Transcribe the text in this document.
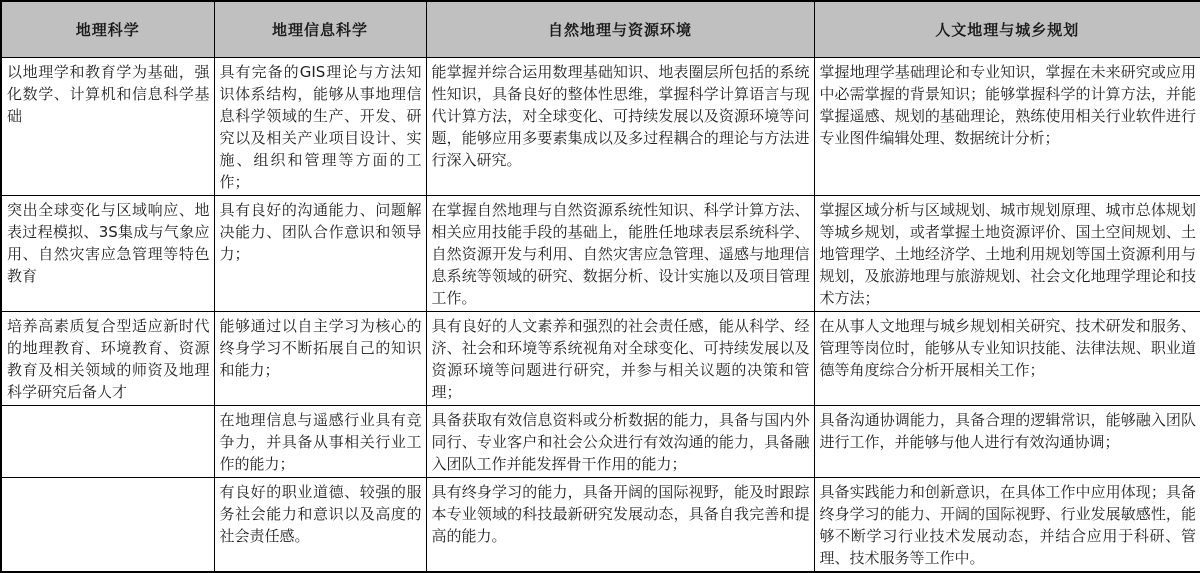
地理科学	地理信息科学	自然地理与资源环境	人文地理与城乡规划
以地理学和教育学为基础，强化数学、计算机和信息科学基础	具有完备的GIS理论与方法知识体系结构，能够从事地理信息科学领域的生产、开发、研究以及相关产业项目设计、实施、组织和管理等方面的工作；	能掌握并综合运用数理基础知识、地表圈层所包括的系统性知识，具备良好的整体性思维，掌握科学计算语言与现代计算方法，对全球变化、可持续发展以及资源环境等问题，能够应用多要素集成以及多过程耦合的理论与方法进行深入研究。	掌握地理学基础理论和专业知识，掌握在未来研究或应用中必需掌握的背景知识；能够掌握科学的计算方法，并能掌握遥感、规划的基础理论，熟练使用相关行业软件进行专业图件编辑处理、数据统计分析；
突出全球变化与区域响应、地表过程模拟、3S集成与气象应用、自然灾害应急管理等特色教育	具有良好的沟通能力、问题解决能力、团队合作意识和领导力；	在掌握自然地理与自然资源系统性知识、科学计算方法、相关应用技能手段的基础上，能胜任地球表层系统科学、自然资源开发与利用、自然灾害应急管理、遥感与地理信息系统等领域的研究、数据分析、设计实施以及项目管理工作。	掌握区域分析与区域规划、城市规划原理、城市总体规划等城乡规划，或者掌握土地资源评价、国土空间规划、土地管理学、土地经济学、土地利用规划等国土资源利用与规划，及旅游地理与旅游规划、社会文化地理学理论和技术方法；
培养高素质复合型适应新时代的地理教育、环境教育、资源教育及相关领域的师资及地理科学研究后备人才	能够通过以自主学习为核心的终身学习不断拓展自己的知识和能力；	具有良好的人文素养和强烈的社会责任感，能从科学、经济、社会和环境等系统视角对全球变化、可持续发展以及资源环境等问题进行研究，并参与相关议题的决策和管理；	在从事人文地理与城乡规划相关研究、技术研发和服务、管理等岗位时，能够从专业知识技能、法律法规、职业道德等角度综合分析开展相关工作；
	在地理信息与遥感行业具有竞争力，并具备从事相关行业工作的能力；	具备获取有效信息资料或分析数据的能力，具备与国内外同行、专业客户和社会公众进行有效沟通的能力，具备融入团队工作并能发挥骨干作用的能力；	具备沟通协调能力，具备合理的逻辑常识，能够融入团队进行工作，并能够与他人进行有效沟通协调；
	有良好的职业道德、较强的服务社会能力和意识以及高度的社会责任感。	具有终身学习的能力，具备开阔的国际视野，能及时跟踪本专业领域的科技最新研究发展动态，具备自我完善和提高的能力。	具备实践能力和创新意识，在具体工作中应用体现；具备终身学习的能力、开阔的国际视野、行业发展敏感性，能够不断学习行业技术发展动态，并结合应用于科研、管理、技术服务等工作中。
